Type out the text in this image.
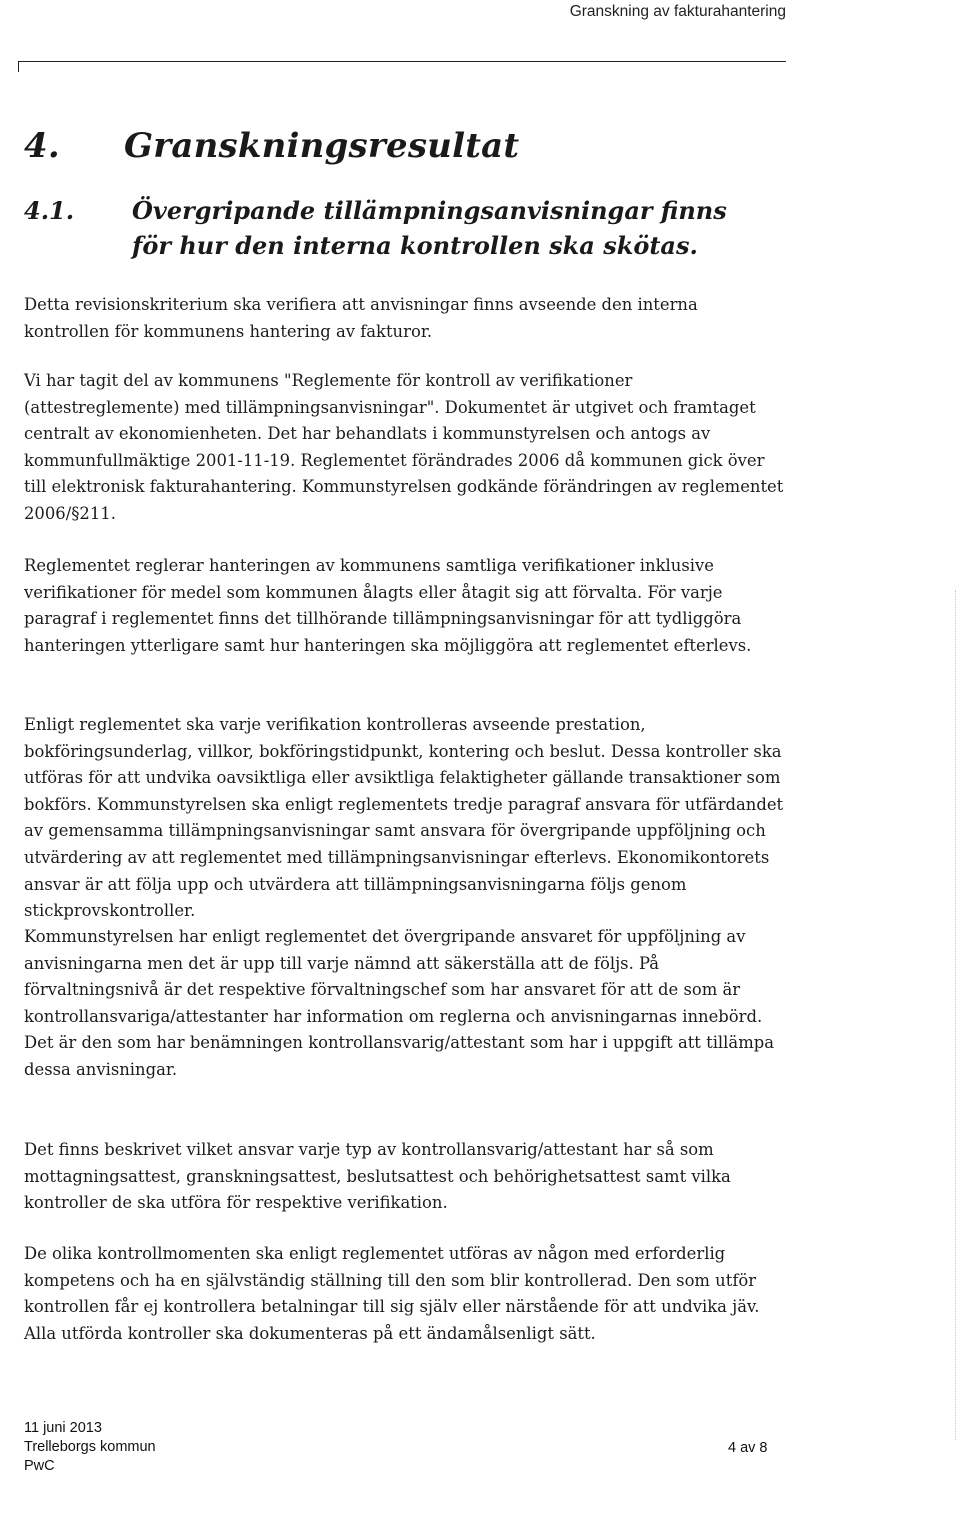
Granskning av fakturahantering
4. Granskningsresultat
4.1. Övergripande tillämpningsanvisningar finns för hur den interna kontrollen ska skötas.

Detta revisionskriterium ska verifiera att anvisningar finns avseende den interna kontrollen för kommunens hantering av fakturor.

Vi har tagit del av kommunens "Reglemente för kontroll av verifikationer (attestreglemente) med tillämpningsanvisningar". Dokumentet är utgivet och framtaget centralt av ekonomienheten. Det har behandlats i kommunstyrelsen och antogs av kommunfullmäktige 2001-11-19. Reglementet förändrades 2006 då kommunen gick över till elektronisk fakturahantering. Kommunstyrelsen godkände förändringen av reglementet 2006/§211.

Reglementet reglerar hanteringen av kommunens samtliga verifikationer inklusive verifikationer för medel som kommunen ålagts eller åtagit sig att förvalta. För varje paragraf i reglementet finns det tillhörande tillämpningsanvisningar för att tydliggöra hanteringen ytterligare samt hur hanteringen ska möjliggöra att reglementet efterlevs.

Enligt reglementet ska varje verifikation kontrolleras avseende prestation, bokföringsunderlag, villkor, bokföringstidpunkt, kontering och beslut. Dessa kontroller ska utföras för att undvika oavsiktliga eller avsiktliga felaktigheter gällande transaktioner som bokförs. Kommunstyrelsen ska enligt reglementets tredje paragraf ansvara för utfärdandet av gemensamma tillämpningsanvisningar samt ansvara för övergripande uppföljning och utvärdering av att reglementet med tillämpningsanvisningar efterlevs. Ekonomikontorets ansvar är att följa upp och utvärdera att tillämpningsanvisningarna följs genom stickprovskontroller.

Kommunstyrelsen har enligt reglementet det övergripande ansvaret för uppföljning av anvisningarna men det är upp till varje nämnd att säkerställa att de följs. På förvaltningsnivå är det respektive förvaltningschef som har ansvaret för att de som är kontrollansvariga/attestanter har information om reglerna och anvisningarnas innebörd. Det är den som har benämningen kontrollansvarig/attestant som har i uppgift att tillämpa dessa anvisningar.

Det finns beskrivet vilket ansvar varje typ av kontrollansvarig/attestant har så som mottagningsattest, granskningsattest, beslutsattest och behörighetsattest samt vilka kontroller de ska utföra för respektive verifikation.

De olika kontrollmomenten ska enligt reglementet utföras av någon med erforderlig kompetens och ha en självständig ställning till den som blir kontrollerad. Den som utför kontrollen får ej kontrollera betalningar till sig själv eller närstående för att undvika jäv. Alla utförda kontroller ska dokumenteras på ett ändamålsenligt sätt.

11 juni 2013
Trelleborgs kommun
PwC
4 av 8
